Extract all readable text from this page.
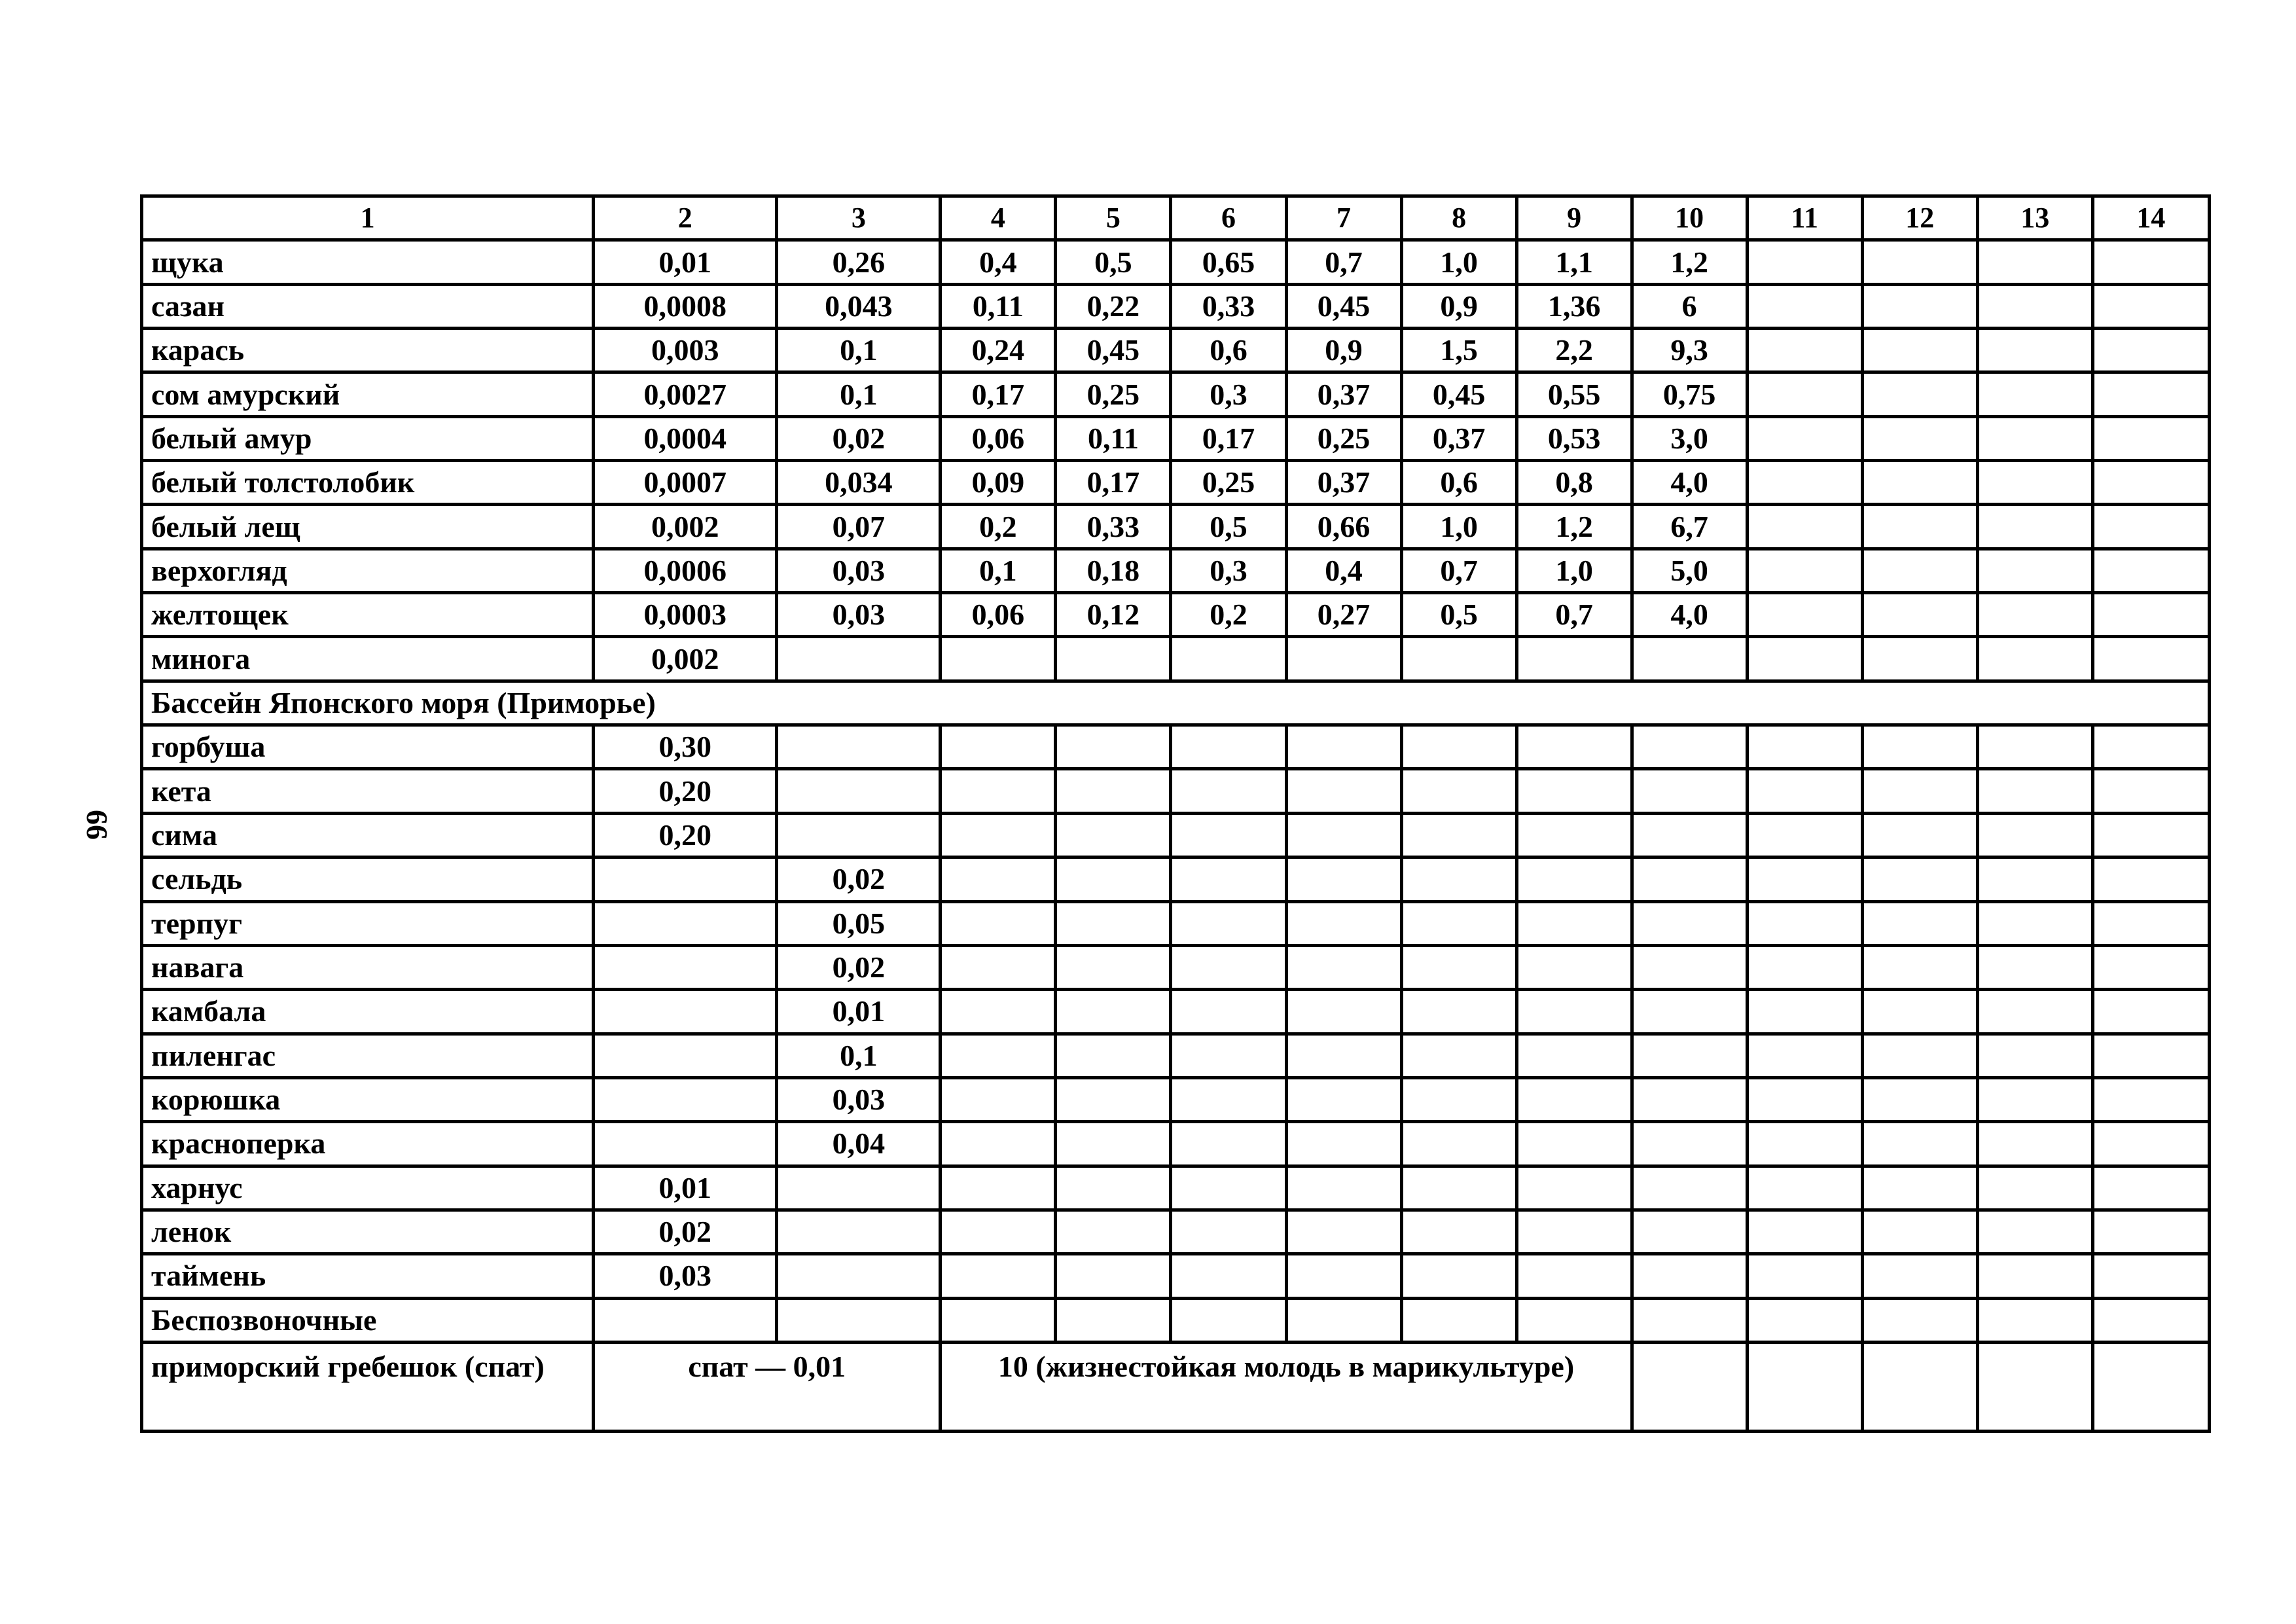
66
1	2	3	4	5	6	7	8	9	10	11	12	13	14
щука	0,01	0,26	0,4	0,5	0,65	0,7	1,0	1,1	1,2				
сазан	0,0008	0,043	0,11	0,22	0,33	0,45	0,9	1,36	6				
карась	0,003	0,1	0,24	0,45	0,6	0,9	1,5	2,2	9,3				
сом амурский	0,0027	0,1	0,17	0,25	0,3	0,37	0,45	0,55	0,75				
белый амур	0,0004	0,02	0,06	0,11	0,17	0,25	0,37	0,53	3,0				
белый толстолобик	0,0007	0,034	0,09	0,17	0,25	0,37	0,6	0,8	4,0				
белый лещ	0,002	0,07	0,2	0,33	0,5	0,66	1,0	1,2	6,7				
верхогляд	0,0006	0,03	0,1	0,18	0,3	0,4	0,7	1,0	5,0				
желтощек	0,0003	0,03	0,06	0,12	0,2	0,27	0,5	0,7	4,0				
минога	0,002												
Бассейн Японского моря (Приморье)													
горбуша	0,30												
кета	0,20												
сима	0,20												
сельдь		0,02											
терпуг		0,05											
навага		0,02											
камбала		0,01											
пиленгас		0,1											
корюшка		0,03											
красноперка		0,04											
харнус	0,01												
ленок	0,02												
таймень	0,03												
Беспозвоночные													
приморский гребешок (спат)	спат — 0,01		10 (жизнестойкая молодь в марикультуре)										
